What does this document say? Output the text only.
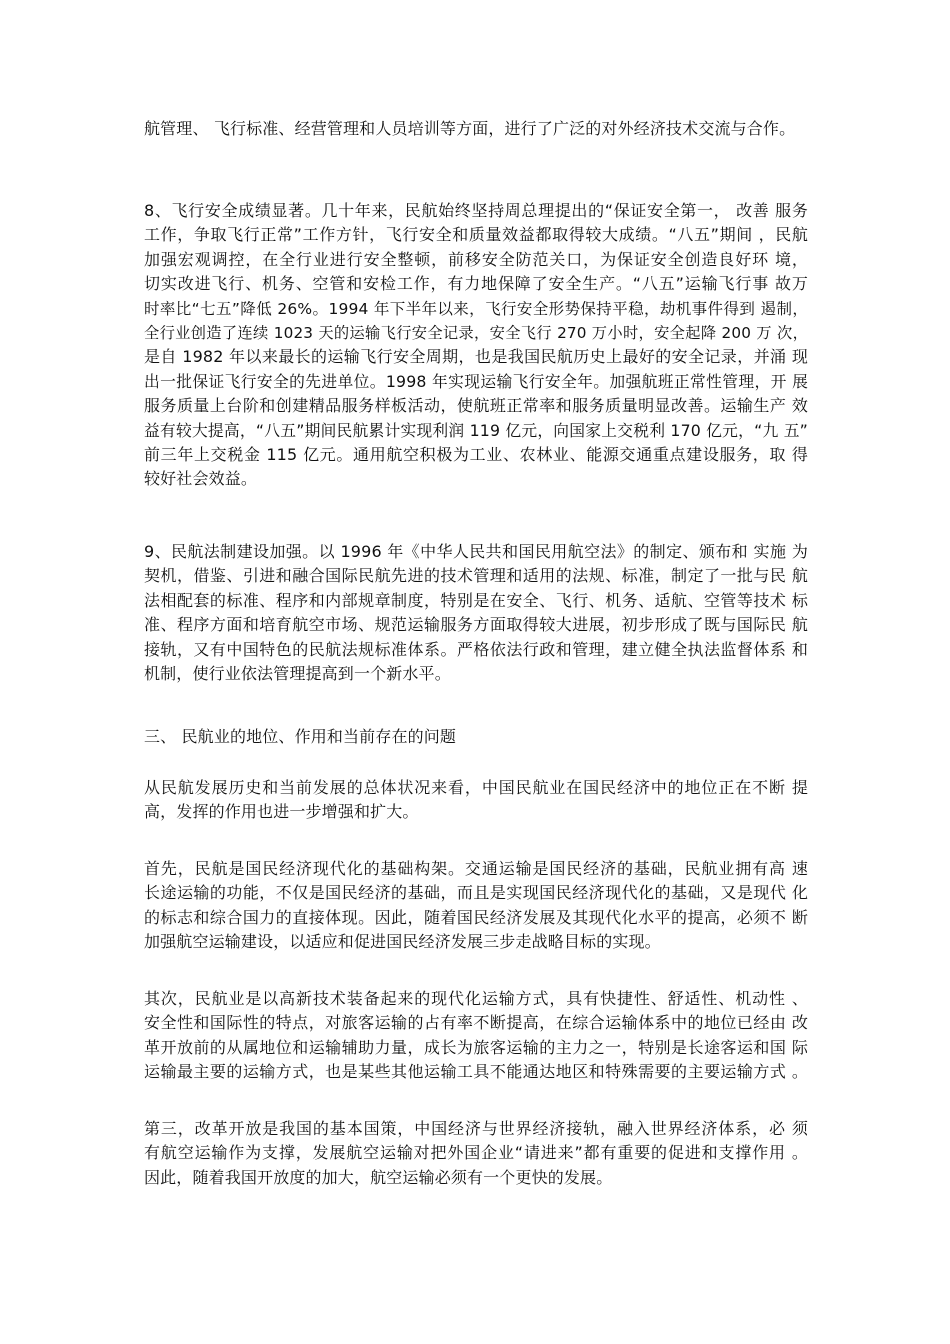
航管理、 飞行标准、经营管理和人员培训等方面，进行了广泛的对外经济技术交流与合作。
8、飞行安全成绩显著。几十年来，民航始终坚持周总理提出的“保证安全第一， 改善 服务
工作，争取飞行正常”工作方针，飞行安全和质量效益都取得较大成绩。“八五”期间 ，民航
加强宏观调控，在全行业进行安全整顿，前移安全防范关口，为保证安全创造良好环 境，
切实改进飞行、机务、空管和安检工作，有力地保障了安全生产。“八五”运输飞行事 故万
时率比“七五”降低 26%。1994 年下半年以来，飞行安全形势保持平稳，劫机事件得到 遏制，
全行业创造了连续 1023 天的运输飞行安全记录，安全飞行 270 万小时，安全起降 200 万 次，
是自 1982 年以来最长的运输飞行安全周期，也是我国民航历史上最好的安全记录，并涌 现
出一批保证飞行安全的先进单位。1998 年实现运输飞行安全年。加强航班正常性管理，开 展
服务质量上台阶和创建精品服务样板活动，使航班正常率和服务质量明显改善。运输生产 效
益有较大提高，“八五”期间民航累计实现利润 119 亿元，向国家上交税利 170 亿元，“九 五”
前三年上交税金 115 亿元。通用航空积极为工业、农林业、能源交通重点建设服务，取 得
较好社会效益。
9、民航法制建设加强。以 1996 年《中华人民共和国民用航空法》的制定、颁布和 实施 为
契机，借鉴、引进和融合国际民航先进的技术管理和适用的法规、标准，制定了一批与民 航
法相配套的标准、程序和内部规章制度，特别是在安全、飞行、机务、适航、空管等技术 标
准、程序方面和培育航空市场、规范运输服务方面取得较大进展，初步形成了既与国际民 航
接轨，又有中国特色的民航法规标准体系。严格依法行政和管理，建立健全执法监督体系 和
机制，使行业依法管理提高到一个新水平。
三、 民航业的地位、作用和当前存在的问题
从民航发展历史和当前发展的总体状况来看，中国民航业在国民经济中的地位正在不断 提
高，发挥的作用也进一步增强和扩大。
首先，民航是国民经济现代化的基础构架。交通运输是国民经济的基础，民航业拥有高 速
长途运输的功能，不仅是国民经济的基础，而且是实现国民经济现代化的基础，又是现代 化
的标志和综合国力的直接体现。因此，随着国民经济发展及其现代化水平的提高，必须不 断
加强航空运输建设，以适应和促进国民经济发展三步走战略目标的实现。
其次，民航业是以高新技术装备起来的现代化运输方式，具有快捷性、舒适性、机动性 、
安全性和国际性的特点，对旅客运输的占有率不断提高，在综合运输体系中的地位已经由 改
革开放前的从属地位和运输辅助力量，成长为旅客运输的主力之一，特别是长途客运和国 际
运输最主要的运输方式，也是某些其他运输工具不能通达地区和特殊需要的主要运输方式 。
第三，改革开放是我国的基本国策，中国经济与世界经济接轨，融入世界经济体系，必 须
有航空运输作为支撑，发展航空运输对把外国企业“请进来”都有重要的促进和支撑作用 。
因此，随着我国开放度的加大，航空运输必须有一个更快的发展。
